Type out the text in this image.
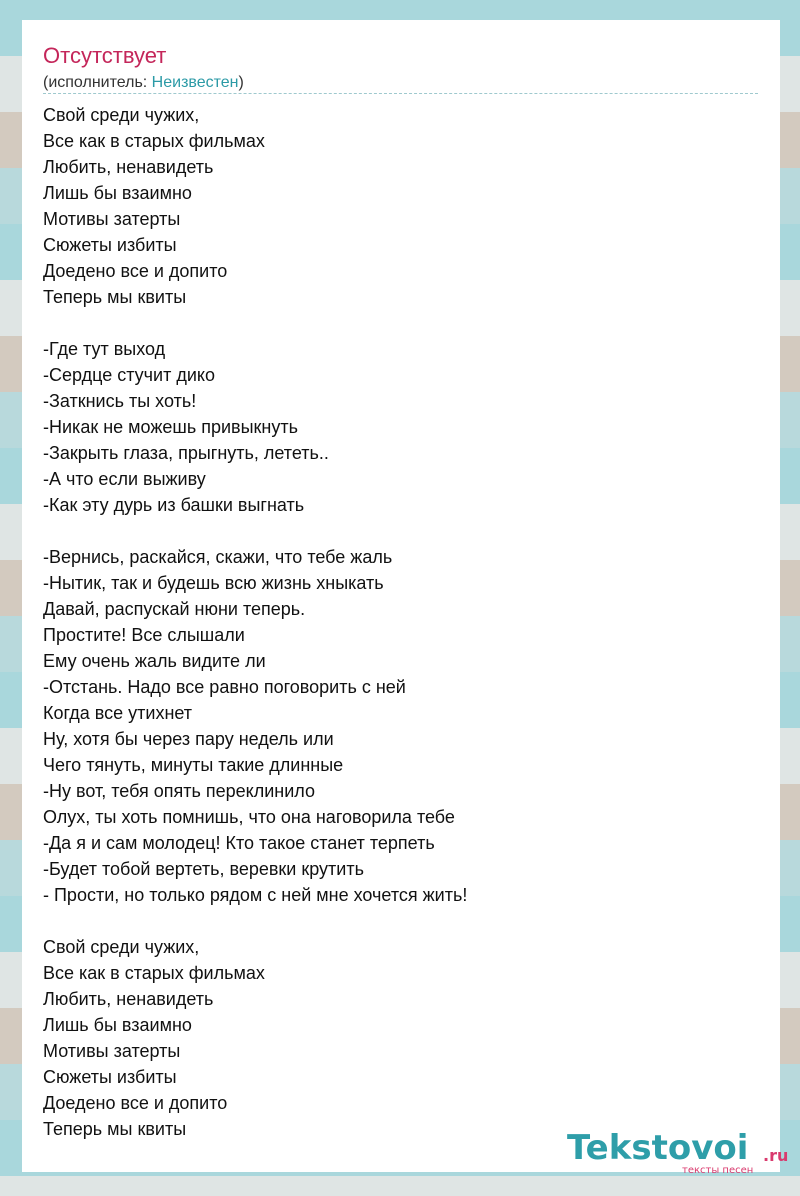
Отсутствует
(исполнитель: Неизвестен)
Свой среди чужих,
Все как в старых фильмах
Любить, ненавидеть
Лишь бы взаимно
Мотивы затерты
Сюжеты избиты
Доедено все и допито
Теперь мы квиты
-Где тут выход
-Сердце стучит дико
-Заткнись ты хоть!
-Никак не можешь привыкнуть
-Закрыть глаза, прыгнуть, лететь..
-А что если выживу
-Как эту дурь из башки выгнать
-Вернись, раскайся, скажи, что тебе жаль
-Нытик, так и будешь всю жизнь хныкать
Давай, распускай нюни теперь.
Простите! Все слышали
Ему очень жаль видите ли
-Отстань. Надо все равно поговорить с ней
Когда все утихнет
Ну, хотя бы через пару недель или
Чего тянуть, минуты такие длинные
-Ну вот, тебя опять переклинило
Олух, ты хоть помнишь, что она наговорила тебе
-Да я и сам молодец! Кто такое станет терпеть
-Будет тобой вертеть, веревки крутить
- Прости, но только рядом с ней мне хочется жить!
Свой среди чужих,
Все как в старых фильмах
Любить, ненавидеть
Лишь бы взаимно
Мотивы затерты
Сюжеты избиты
Доедено все и допито
Теперь мы квиты	Tekstovoi .ru
тексты песен
